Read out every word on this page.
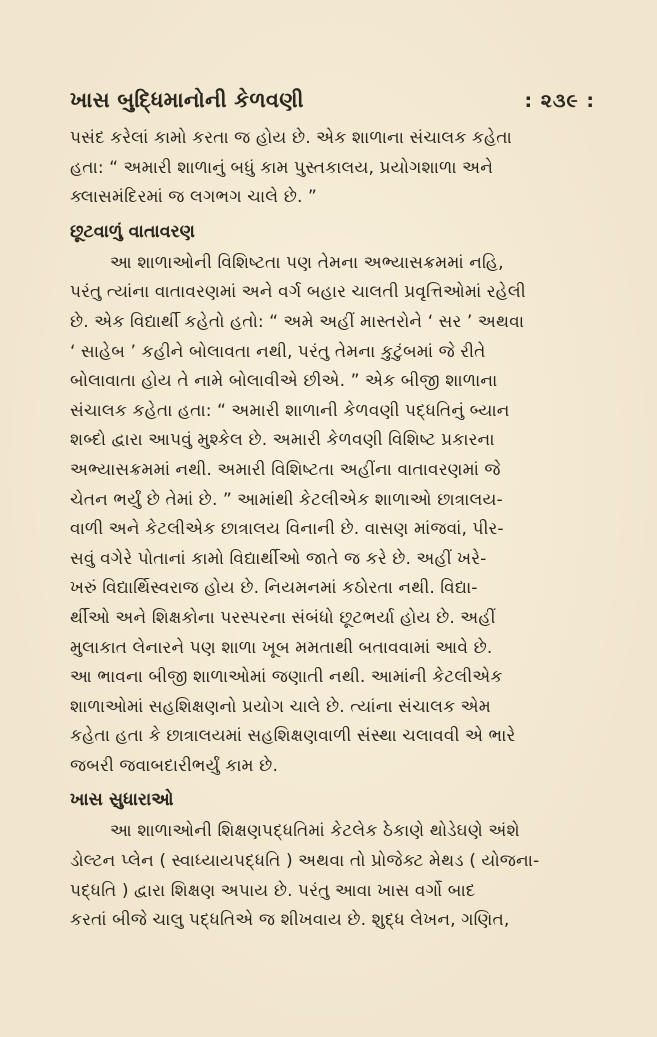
ખાસ બુદ્ધિમાનોની કેળવણી	: ૨૩૯ :

પસંદ કરેલાં કામો કરતા જ હોય છે. એક શાળાના સંચાલક કહેતા
હતા: “ અમારી શાળાનું બધું કામ પુસ્તકાલય, પ્રયોગશાળા અને
ક્લાસમંદિરમાં જ લગભગ ચાલે છે. ”

છૂટવાળું વાતાવરણ

આ શાળાઓની વિશિષ્ટતા પણ તેમના અભ્યાસક્રમમાં નહિ,
પરંતુ ત્યાંના વાતાવરણમાં અને વર્ગ બહાર ચાલતી પ્રવૃત્તિઓમાં રહેલી
છે. એક વિદ્યાર્થી કહેતો હતો: “ અમે અહીં માસ્તરોને ‘ સર ’ અથવા
‘ સાહેબ ’ કહીને બોલાવતા નથી, પરંતુ તેમના કુટુંબમાં જે રીતે
બોલાવાતા હોય તે નામે બોલાવીએ છીએ. ” એક બીજી શાળાના
સંચાલક કહેતા હતા: “ અમારી શાળાની કેળવણી પદ્ધતિનું બ્યાન
શબ્દો દ્વારા આપવું મુશ્કેલ છે. અમારી કેળવણી વિશિષ્ટ પ્રકારના
અભ્યાસક્રમમાં નથી. અમારી વિશિષ્ટતા અહીંના વાતાવરણમાં જે
ચેતન ભર્યું છે તેમાં છે. ” આમાંથી કેટલીએક શાળાઓ છાત્રાલય-
વાળી અને કેટલીએક છાત્રાલય વિનાની છે. વાસણ માંજવાં, પીર-
સવું વગેરે પોતાનાં કામો વિદ્યાર્થીઓ જાતે જ કરે છે. અહીં ખરે-
ખરું વિદ્યાર્થિસ્વરાજ હોય છે. નિયમનમાં કઠોરતા નથી. વિદ્યા-
ર્થીઓ અને શિક્ષકોના પરસ્પરના સંબંધો છૂટભર્યા હોય છે. અહીં
મુલાકાત લેનારને પણ શાળા ખૂબ મમતાથી બતાવવામાં આવે છે.
આ ભાવના બીજી શાળાઓમાં જણાતી નથી. આમાંની કેટલીએક
શાળાઓમાં સહશિક્ષણનો પ્રયોગ ચાલે છે. ત્યાંના સંચાલક એમ
કહેતા હતા કે છાત્રાલયમાં સહશિક્ષણવાળી સંસ્થા ચલાવવી એ ભારે
જબરી જવાબદારીભર્યું કામ છે.

ખાસ સુધારાઓ

આ શાળાઓની શિક્ષણપદ્ધતિમાં કેટલેક ઠેકાણે થોડેઘણે અંશે
ડોલ્ટન પ્લેન ( સ્વાધ્યાયપદ્ધતિ ) અથવા તો પ્રોજેક્ટ મેથડ ( યોજના-
પદ્ધતિ ) દ્વારા શિક્ષણ અપાય છે. પરંતુ આવા ખાસ વર્ગો બાદ
કરતાં બીજે ચાલુ પદ્ધતિએ જ શીખવાય છે. શુદ્ધ લેખન, ગણિત,
